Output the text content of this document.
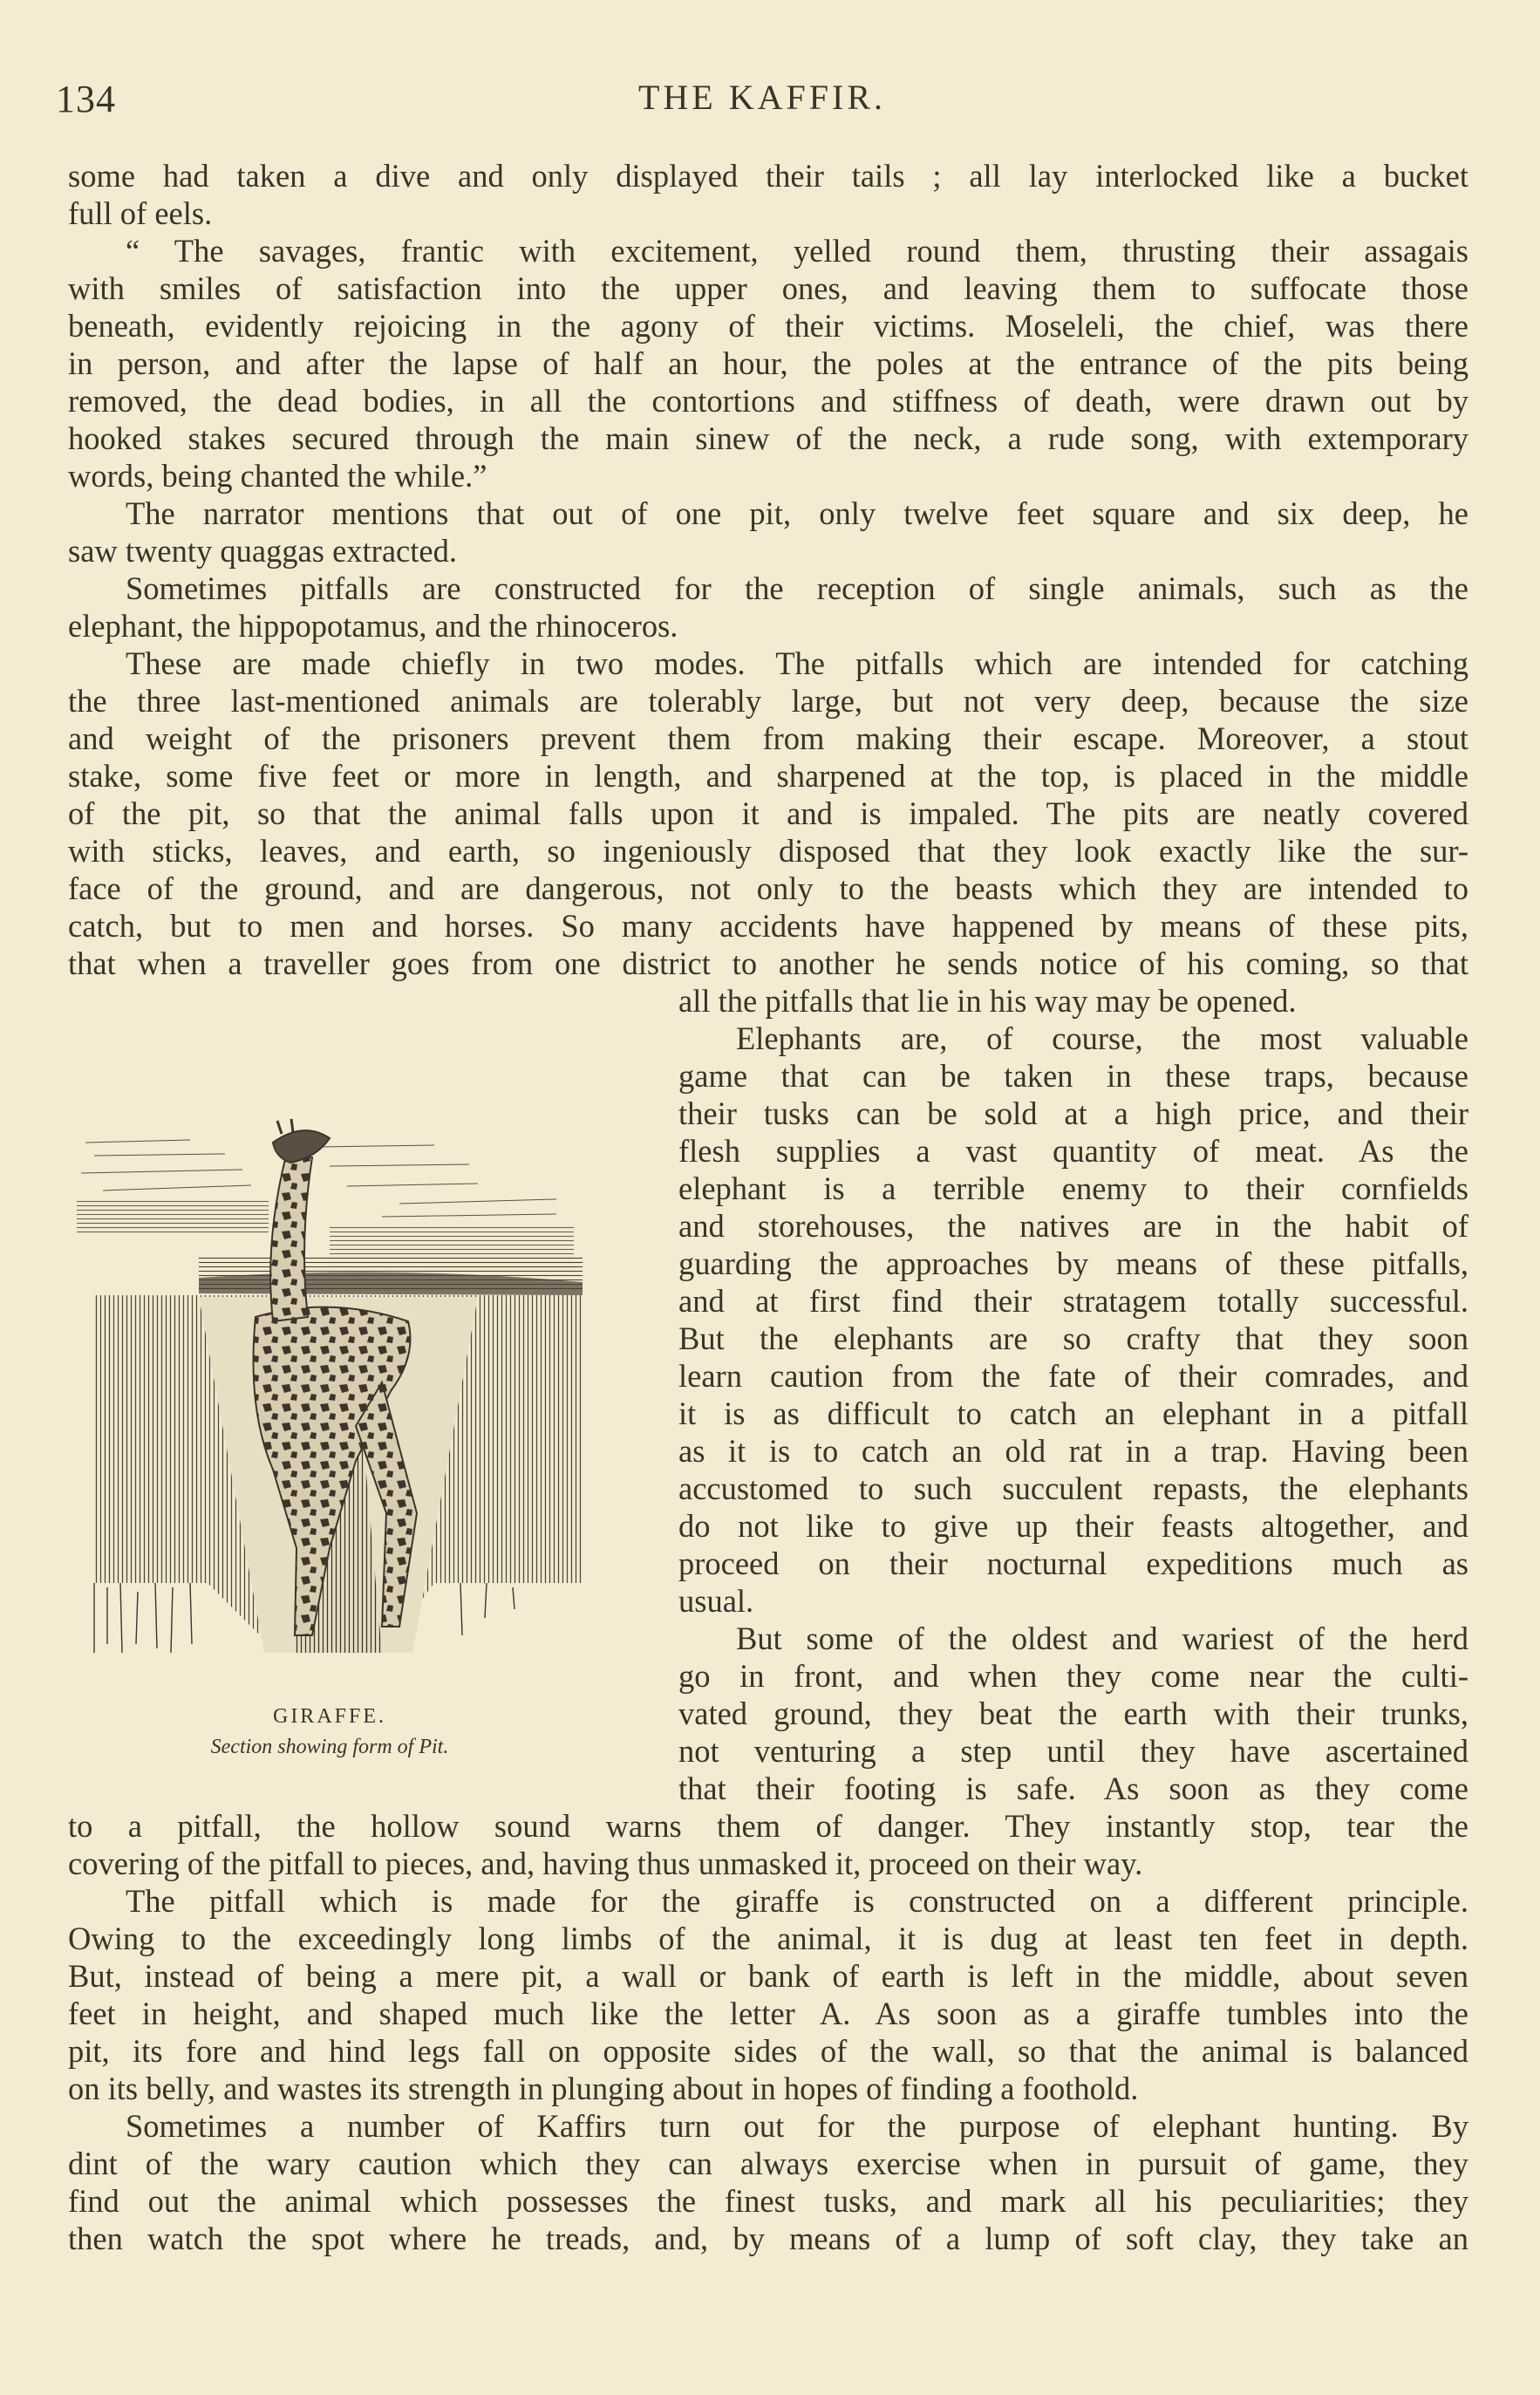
134	THE KAFFIR.
some had taken a dive and only displayed their tails ; all lay interlocked like a bucket
full of eels.
“ The savages, frantic with excitement, yelled round them, thrusting their assagais
with smiles of satisfaction into the upper ones, and leaving them to suffocate those
beneath, evidently rejoicing in the agony of their victims. Moseleli, the chief, was there
in person, and after the lapse of half an hour, the poles at the entrance of the pits being
removed, the dead bodies, in all the contortions and stiffness of death, were drawn out by
hooked stakes secured through the main sinew of the neck, a rude song, with extemporary
words, being chanted the while.”
The narrator mentions that out of one pit, only twelve feet square and six deep, he
saw twenty quaggas extracted.
Sometimes pitfalls are constructed for the reception of single animals, such as the
elephant, the hippopotamus, and the rhinoceros.
These are made chiefly in two modes. The pitfalls which are intended for catching
the three last-mentioned animals are tolerably large, but not very deep, because the size
and weight of the prisoners prevent them from making their escape. Moreover, a stout
stake, some five feet or more in length, and sharpened at the top, is placed in the middle
of the pit, so that the animal falls upon it and is impaled. The pits are neatly covered
with sticks, leaves, and earth, so ingeniously disposed that they look exactly like the sur-
face of the ground, and are dangerous, not only to the beasts which they are intended to
catch, but to men and horses. So many accidents have happened by means of these pits,
that when a traveller goes from one district to another he sends notice of his coming, so that
all the pitfalls that lie in his way may be opened.
Elephants are, of course, the most valuable
game that can be taken in these traps, because
their tusks can be sold at a high price, and their
flesh supplies a vast quantity of meat. As the
elephant is a terrible enemy to their cornfields
and storehouses, the natives are in the habit of
guarding the approaches by means of these pitfalls,
and at first find their stratagem totally successful.
But the elephants are so crafty that they soon
learn caution from the fate of their comrades, and
it is as difficult to catch an elephant in a pitfall
as it is to catch an old rat in a trap. Having been
accustomed to such succulent repasts, the elephants
do not like to give up their feasts altogether, and
proceed on their nocturnal expeditions much as
usual.
But some of the oldest and wariest of the herd
go in front, and when they come near the culti-
vated ground, they beat the earth with their trunks,
not venturing a step until they have ascertained
that their footing is safe. As soon as they come
GIRAFFE.
Section showing form of Pit.
to a pitfall, the hollow sound warns them of danger. They instantly stop, tear the
covering of the pitfall to pieces, and, having thus unmasked it, proceed on their way.
The pitfall which is made for the giraffe is constructed on a different principle.
Owing to the exceedingly long limbs of the animal, it is dug at least ten feet in depth.
But, instead of being a mere pit, a wall or bank of earth is left in the middle, about seven
feet in height, and shaped much like the letter A. As soon as a giraffe tumbles into the
pit, its fore and hind legs fall on opposite sides of the wall, so that the animal is balanced
on its belly, and wastes its strength in plunging about in hopes of finding a foothold.
Sometimes a number of Kaffirs turn out for the purpose of elephant hunting. By
dint of the wary caution which they can always exercise when in pursuit of game, they
find out the animal which possesses the finest tusks, and mark all his peculiarities; they
then watch the spot where he treads, and, by means of a lump of soft clay, they take an
